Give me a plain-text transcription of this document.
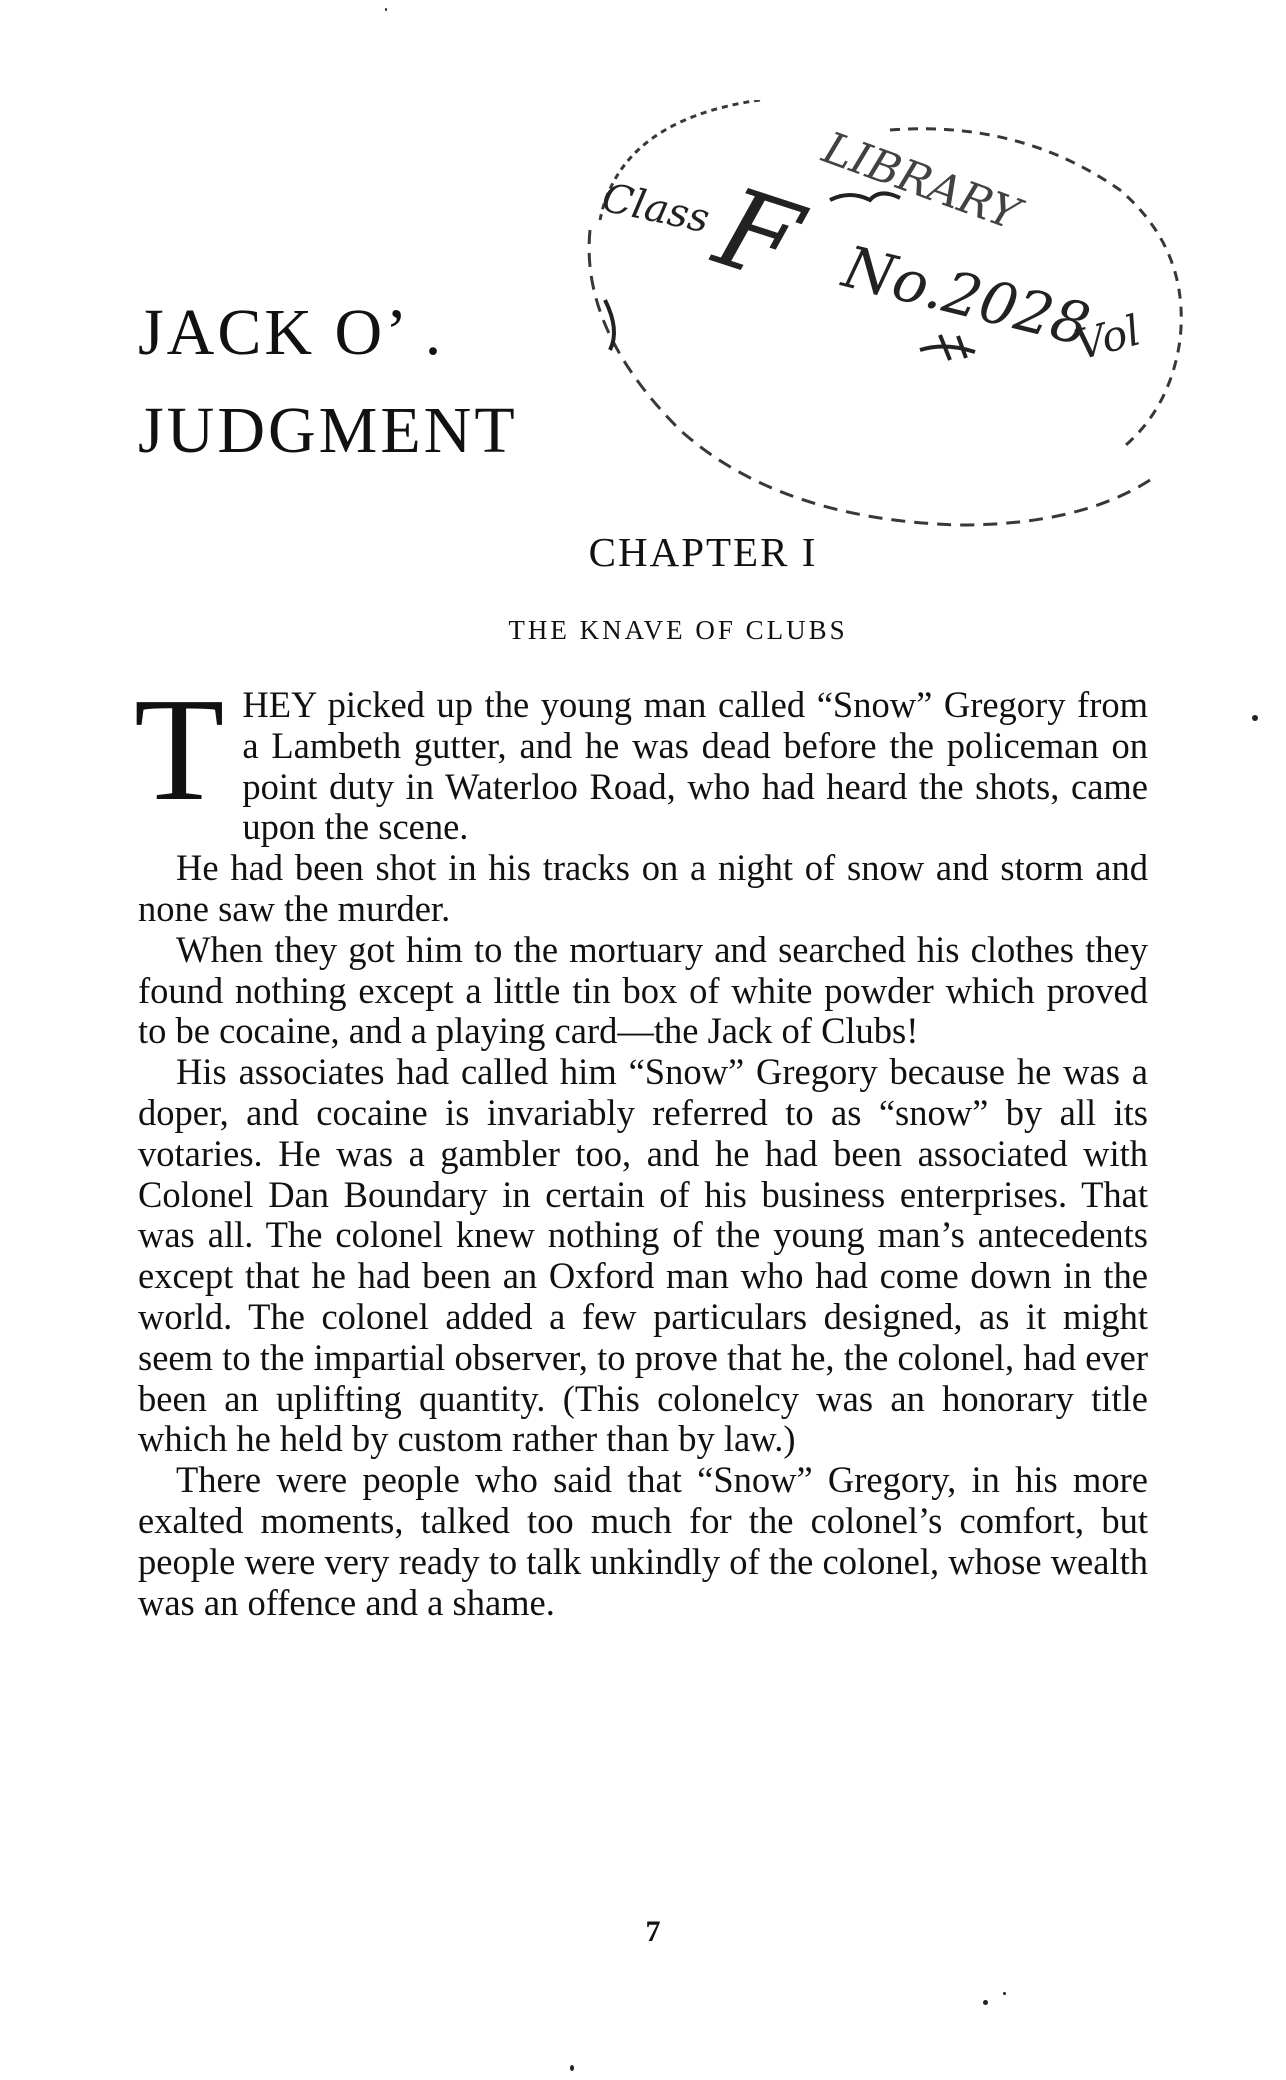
JACK O’ .
JUDGMENT
Class
F No.2028
Vol
LIBRARY
CHAPTER I
THE KNAVE OF CLUBS

THEY picked up the young man called “Snow” Gregory from a Lambeth gutter, and he was dead before the policeman on point duty in Waterloo Road, who had heard the shots, came upon the scene.

He had been shot in his tracks on a night of snow and storm and none saw the murder.

When they got him to the mortuary and searched his clothes they found nothing except a little tin box of white powder which proved to be cocaine, and a playing card—the Jack of Clubs!

His associates had called him “Snow” Gregory because he was a doper, and cocaine is invariably referred to as “snow” by all its votaries. He was a gambler too, and he had been associated with Colonel Dan Boundary in certain of his business enterprises. That was all. The colonel knew nothing of the young man’s antecedents except that he had been an Oxford man who had come down in the world. The colonel added a few particulars designed, as it might seem to the impartial observer, to prove that he, the colonel, had ever been an uplifting quantity. (This colonelcy was an honorary title which he held by custom rather than by law.)

There were people who said that “Snow” Gregory, in his more exalted moments, talked too much for the colonel’s comfort, but people were very ready to talk unkindly of the colonel, whose wealth was an offence and a shame.

7
